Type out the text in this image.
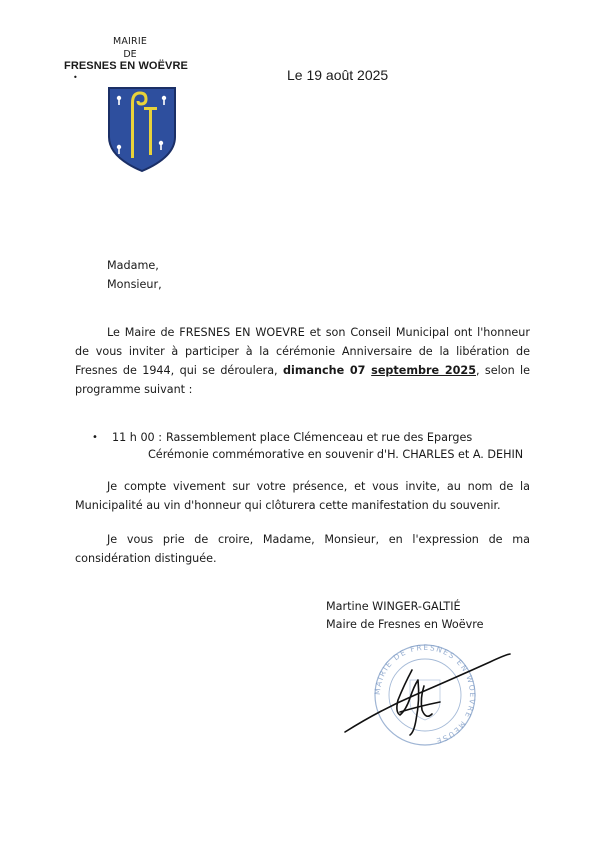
MAIRIE
DE
FRESNES EN WOËVRE
•	Le 19 août 2025
Madame,
Monsieur,
Le Maire de FRESNES EN WOEVRE et son Conseil Municipal ont l'honneur
de vous inviter à participer à la cérémonie Anniversaire de la libération de
Fresnes de 1944, qui se déroulera, dimanche 07 septembre 2025, selon le
programme suivant :
• 11 h 00 : Rassemblement place Clémenceau et rue des Eparges
Cérémonie commémorative en souvenir d'H. CHARLES et A. DEHIN
Je compte vivement sur votre présence, et vous invite, au nom de la
Municipalité au vin d'honneur qui clôturera cette manifestation du souvenir.
Je vous prie de croire, Madame, Monsieur, en l'expression de ma
considération distinguée.
Martine WINGER-GALTIÉ
Maire de Fresnes en Woëvre
MAIRIE DE FRESNES EN WOEVRE MEUSE
